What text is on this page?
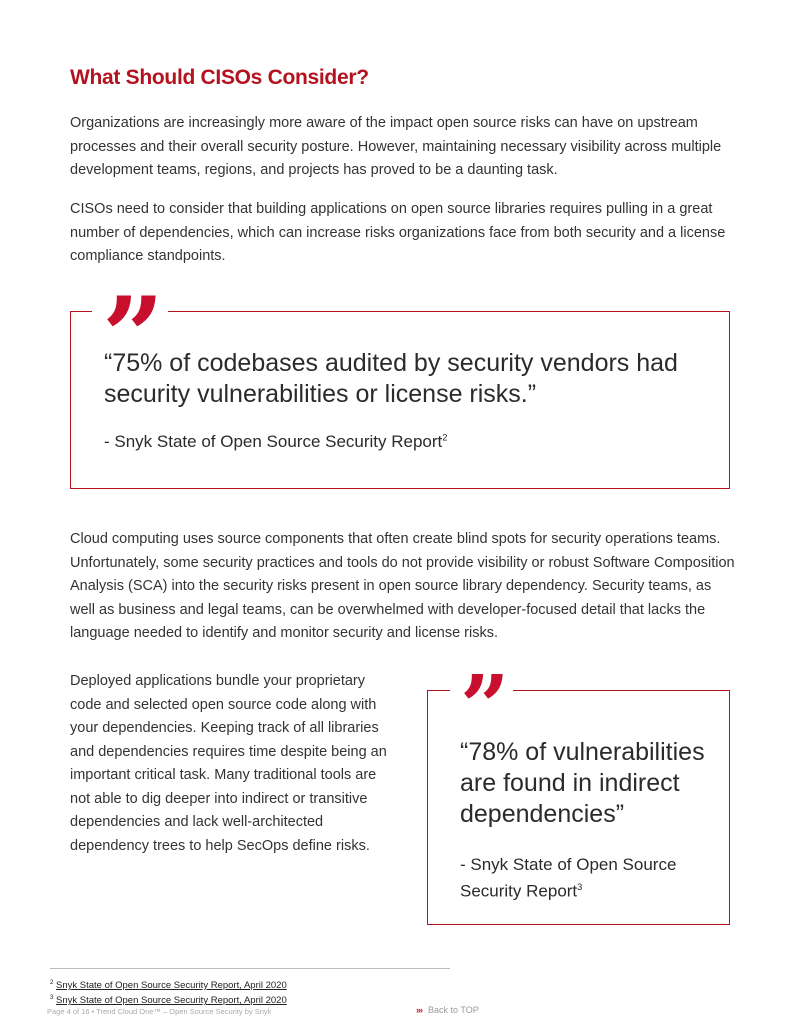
What Should CISOs Consider?

Organizations are increasingly more aware of the impact open source risks can have on upstream processes and their overall security posture. However, maintaining necessary visibility across multiple development teams, regions, and projects has proved to be a daunting task.

CISOs need to consider that building applications on open source libraries requires pulling in a great number of dependencies, which can increase risks organizations face from both security and a license compliance standpoints.

“75% of codebases audited by security vendors had security vulnerabilities or license risks.”
- Snyk State of Open Source Security Report$^2$
”

Cloud computing uses source components that often create blind spots for security operations teams. Unfortunately, some security practices and tools do not provide visibility or robust Software Composition Analysis (SCA) into the security risks present in open source library dependency. Security teams, as well as business and legal teams, can be overwhelmed with developer-focused detail that lacks the language needed to identify and monitor security and license risks.

Deployed applications bundle your proprietary code and selected open source code along with your dependencies. Keeping track of all libraries and dependencies requires time despite being an important critical task. Many traditional tools are not able to dig deeper into indirect or transitive dependencies and lack well-architected dependency trees to help SecOps define risks.

“78% of vulnerabilities are found in indirect dependencies”
- Snyk State of Open Source Security Report$^3$
”
$^2$ Snyk State of Open Source Security Report, April 2020
$^3$ Snyk State of Open Source Security Report, April 2020
Page 4 of 16 • Trend Cloud One™ – Open Source Security by Snyk	››› Back to TOP
